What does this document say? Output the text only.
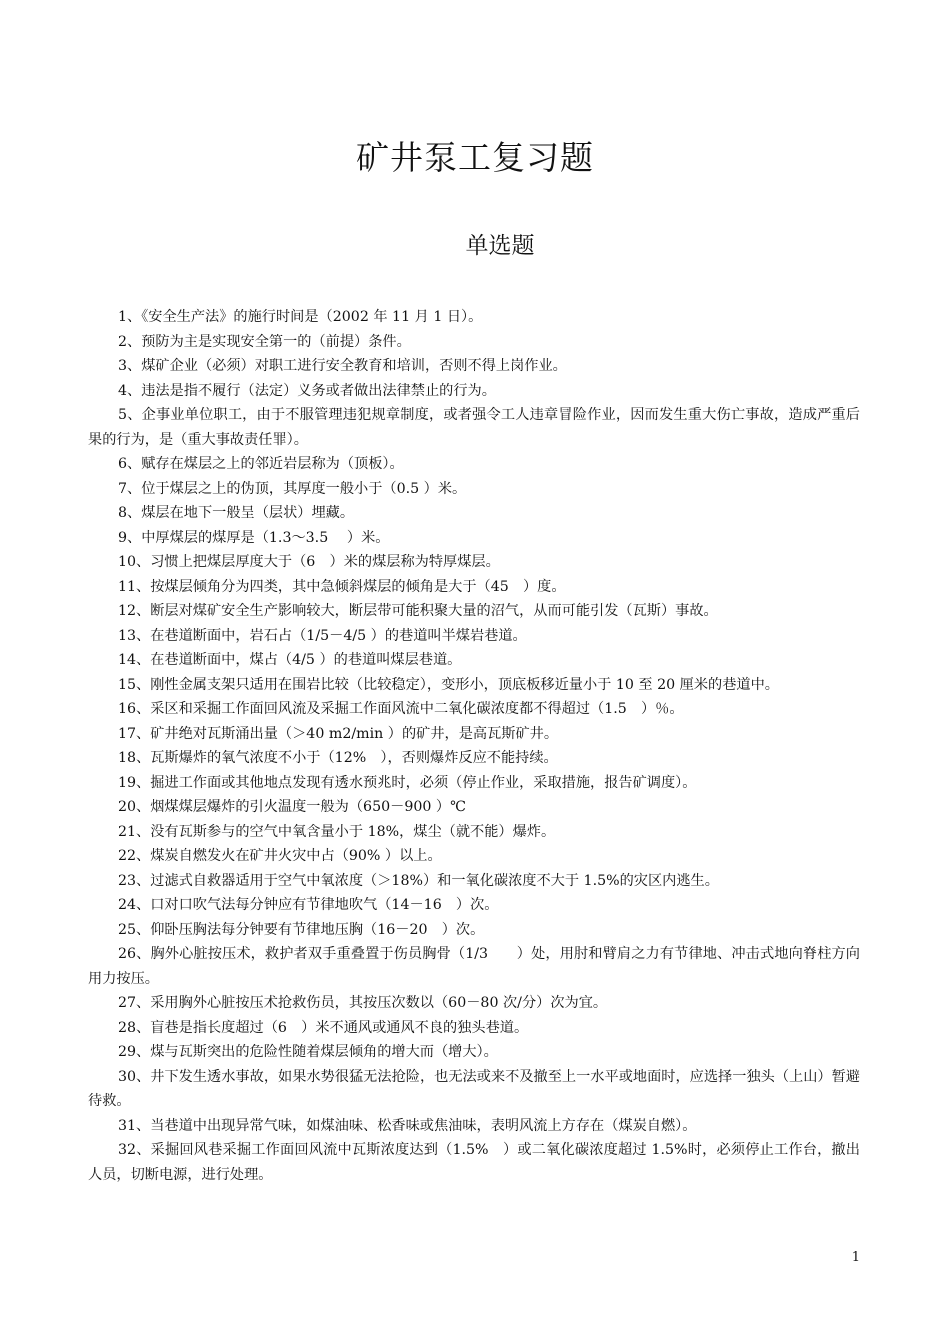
矿井泵工复习题
单选题
1、《安全生产法》的施行时间是（2002 年 11 月 1 日）。
2、预防为主是实现安全第一的（前提）条件。
3、煤矿企业（必须）对职工进行安全教育和培训，否则不得上岗作业。
4、违法是指不履行（法定）义务或者做出法律禁止的行为。
5、企事业单位职工，由于不服管理违犯规章制度，或者强令工人违章冒险作业，因而发生重大伤亡事故，造成严重后果的行为，是（重大事故责任罪）。
6、赋存在煤层之上的邻近岩层称为（顶板）。
7、位于煤层之上的伪顶，其厚度一般小于（0.5 ）米。
8、煤层在地下一般呈（层状）埋藏。
9、中厚煤层的煤厚是（1.3～3.5　 ）米。
10、习惯上把煤层厚度大于（6　）米的煤层称为特厚煤层。
11、按煤层倾角分为四类，其中急倾斜煤层的倾角是大于（45　）度。
12、断层对煤矿安全生产影响较大，断层带可能积聚大量的沼气，从而可能引发（瓦斯）事故。
13、在巷道断面中，岩石占（1/5－4/5 ）的巷道叫半煤岩巷道。
14、在巷道断面中，煤占（4/5 ）的巷道叫煤层巷道。
15、刚性金属支架只适用在围岩比较（比较稳定），变形小，顶底板移近量小于 10 至 20 厘米的巷道中。
16、采区和采掘工作面回风流及采掘工作面风流中二氧化碳浓度都不得超过（1.5　）％。
17、矿井绝对瓦斯涌出量（＞40 m2/min ）的矿井，是高瓦斯矿井。
18、瓦斯爆炸的氧气浓度不小于（12%　），否则爆炸反应不能持续。
19、掘进工作面或其他地点发现有透水预兆时，必须（停止作业，采取措施，报告矿调度）。
20、烟煤煤层爆炸的引火温度一般为（650－900 ）℃
21、没有瓦斯参与的空气中氧含量小于 18%，煤尘（就不能）爆炸。
22、煤炭自燃发火在矿井火灾中占（90% ）以上。
23、过滤式自救器适用于空气中氧浓度（＞18%）和一氧化碳浓度不大于 1.5%的灾区内逃生。
24、口对口吹气法每分钟应有节律地吹气（14－16　）次。
25、仰卧压胸法每分钟要有节律地压胸（16－20　）次。
26、胸外心脏按压术，救护者双手重叠置于伤员胸骨（1/3　　）处，用肘和臂肩之力有节律地、冲击式地向脊柱方向用力按压。
27、采用胸外心脏按压术抢救伤员，其按压次数以（60－80 次/分）次为宜。
28、盲巷是指长度超过（6　）米不通风或通风不良的独头巷道。
29、煤与瓦斯突出的危险性随着煤层倾角的增大而（增大）。
30、井下发生透水事故，如果水势很猛无法抢险，也无法或来不及撤至上一水平或地面时，应选择一独头（上山）暂避待救。
31、当巷道中出现异常气味，如煤油味、松香味或焦油味，表明风流上方存在（煤炭自燃）。
32、采掘回风巷采掘工作面回风流中瓦斯浓度达到（1.5%　）或二氧化碳浓度超过 1.5%时，必须停止工作台，撤出人员，切断电源，进行处理。
1
